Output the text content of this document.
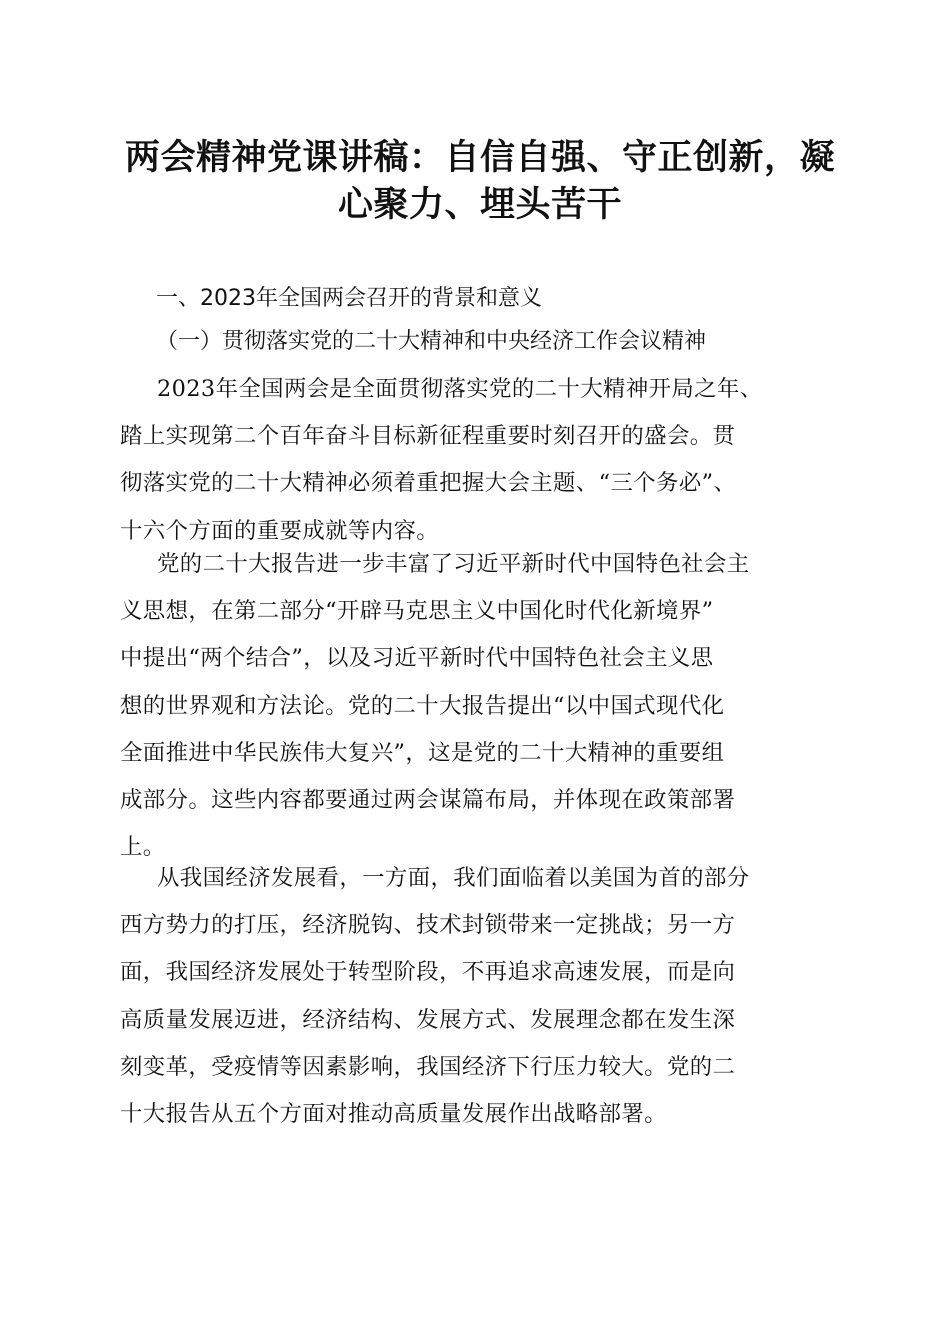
两会精神党课讲稿：自信自强、守正创新，凝
心聚力、埋头苦干
一、2023年全国两会召开的背景和意义
（一）贯彻落实党的二十大精神和中央经济工作会议精神
2023年全国两会是全面贯彻落实党的二十大精神开局之年、
踏上实现第二个百年奋斗目标新征程重要时刻召开的盛会。贯
彻落实党的二十大精神必须着重把握大会主题、“三个务必”、
十六个方面的重要成就等内容。
党的二十大报告进一步丰富了习近平新时代中国特色社会主
义思想，在第二部分“开辟马克思主义中国化时代化新境界”
中提出“两个结合”，以及习近平新时代中国特色社会主义思
想的世界观和方法论。党的二十大报告提出“以中国式现代化
全面推进中华民族伟大复兴”，这是党的二十大精神的重要组
成部分。这些内容都要通过两会谋篇布局，并体现在政策部署
上。
从我国经济发展看，一方面，我们面临着以美国为首的部分
西方势力的打压，经济脱钩、技术封锁带来一定挑战；另一方
面，我国经济发展处于转型阶段，不再追求高速发展，而是向
高质量发展迈进，经济结构、发展方式、发展理念都在发生深
刻变革，受疫情等因素影响，我国经济下行压力较大。党的二
十大报告从五个方面对推动高质量发展作出战略部署。
